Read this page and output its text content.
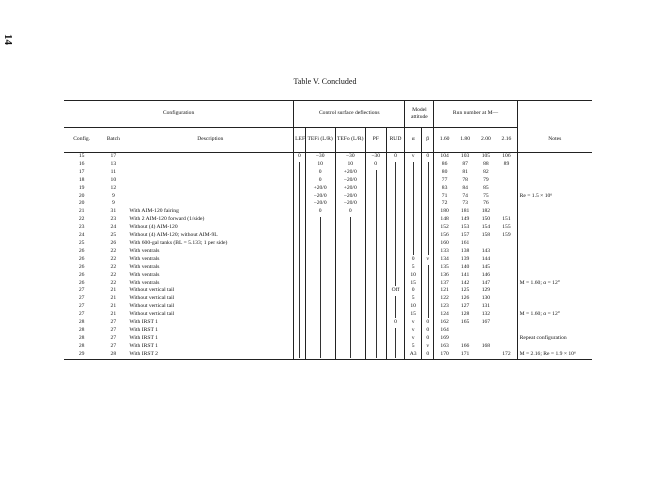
14
Table V. Concluded
Configuration			Control surface deflections					Model attitude		Run number at M—				
Config.	Batch	Description	LEF	TEFi (L/R)	TEFo (L/R)	PF	RUD	α	β	1.60	1.80	2.00	2.16	Notes
15	17		0	−30	−30	−30	0	v	0	104	103	105	106	
16	13			10	10	0				86	87	88	89	
17	11			0	+20/0					80	81	82		
18	10			0	−20/0					77	78	79		
19	12			+20/0	+20/0					83	84	85		
20	9			−20/0	−20/0					71	74	75		Re = 1.5 × 10⁶
20	9			−20/0	−20/0					72	73	76		
21	31	With AIM-120 fairing		0	0					180	181	182		
22	23	With 2 AIM-120 forward (1/side)								148	149	150	151	
23	24	Without (4) AIM-120								152	153	154	155	
24	25	Without (4) AIM-120; without AIM-9L								156	157	158	159	
25	26	With 600-gal tanks (BL = 5.133; 1 per side)								160	161			
26	22	With ventrals								133	138	143		
26	22	With ventrals						0	v	134	139	144		
26	22	With ventrals						5		135	140	145		
26	22	With ventrals						10		136	141	146		
26	22	With ventrals						15		137	142	147		M = 1.60; α = 12°
27	21	Without vertical tail					Off	0		121	125	129		
27	21	Without vertical tail						5		122	126	130		
27	21	Without vertical tail						10		123	127	131		
27	21	Without vertical tail						15		124	128	132		M = 1.60; α = 12°
28	27	With IRST 1					0	v	0	162	165	167		
28	27	With IRST 1						v	0	164				
28	27	With IRST 1						v	0	169				Repeat configuration
28	27	With IRST 1						5	v	163	166	168		
29	28	With IRST 2						A3	0	170	171		172	M = 2.16; Re = 1.9 × 10⁶
